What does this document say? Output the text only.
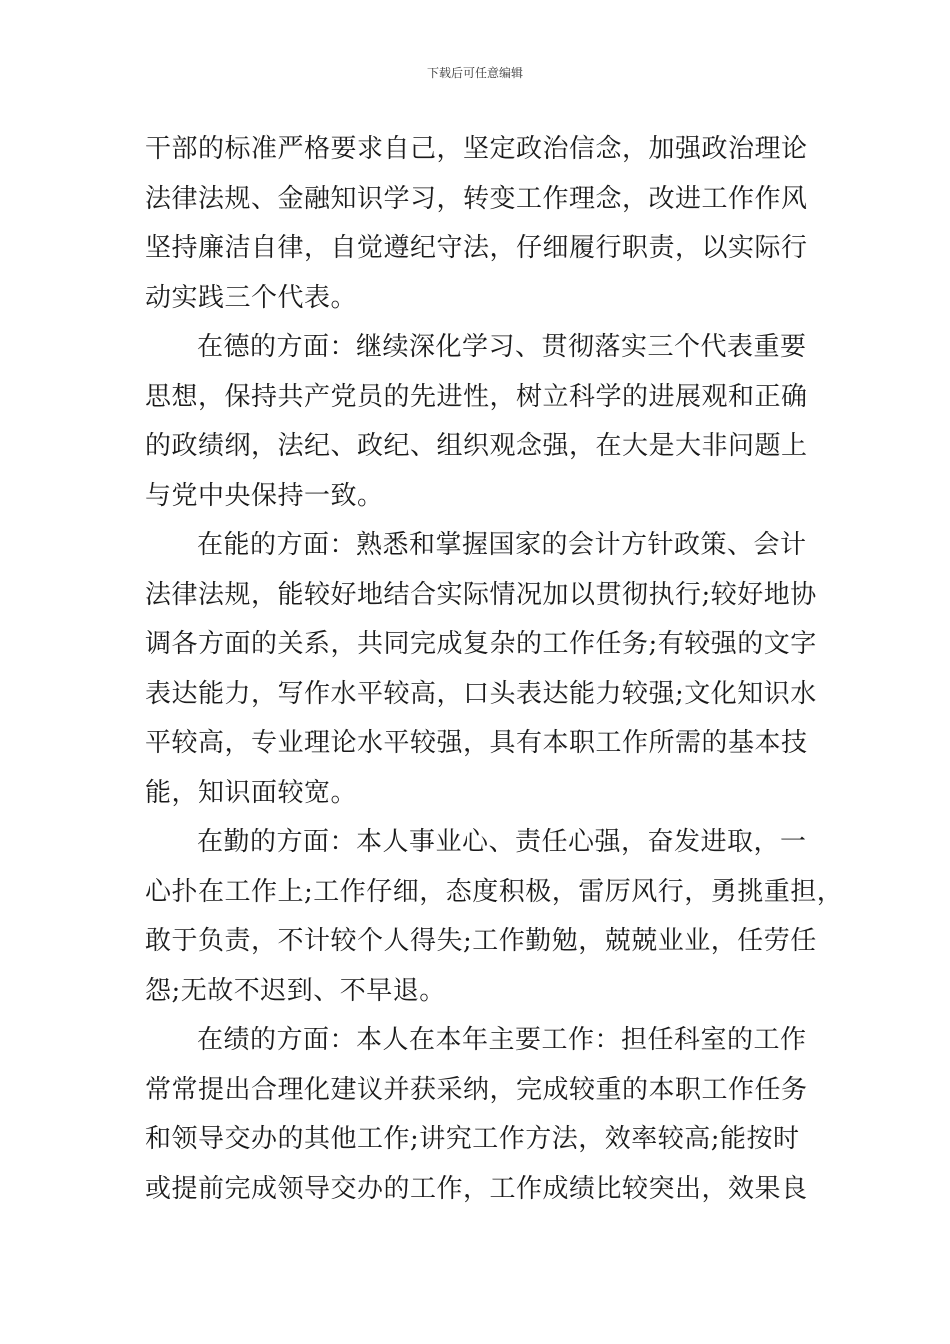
下载后可任意编辑
干部的标准严格要求自己，坚定政治信念，加强政治理论
法律法规、金融知识学习，转变工作理念，改进工作作风
坚持廉洁自律，自觉遵纪守法，仔细履行职责，以实际行
动实践三个代表。
在德的方面：继续深化学习、贯彻落实三个代表重要
思想，保持共产党员的先进性，树立科学的进展观和正确
的政绩纲，法纪、政纪、组织观念强，在大是大非问题上
与党中央保持一致。
在能的方面：熟悉和掌握国家的会计方针政策、会计
法律法规，能较好地结合实际情况加以贯彻执行;较好地协
调各方面的关系，共同完成复杂的工作任务;有较强的文字
表达能力，写作水平较高，口头表达能力较强;文化知识水
平较高，专业理论水平较强，具有本职工作所需的基本技
能，知识面较宽。
在勤的方面：本人事业心、责任心强，奋发进取，一
心扑在工作上;工作仔细，态度积极，雷厉风行，勇挑重担，
敢于负责，不计较个人得失;工作勤勉，兢兢业业，任劳任
怨;无故不迟到、不早退。
在绩的方面：本人在本年主要工作：担任科室的工作
常常提出合理化建议并获采纳，完成较重的本职工作任务
和领导交办的其他工作;讲究工作方法，效率较高;能按时
或提前完成领导交办的工作，工作成绩比较突出，效果良
